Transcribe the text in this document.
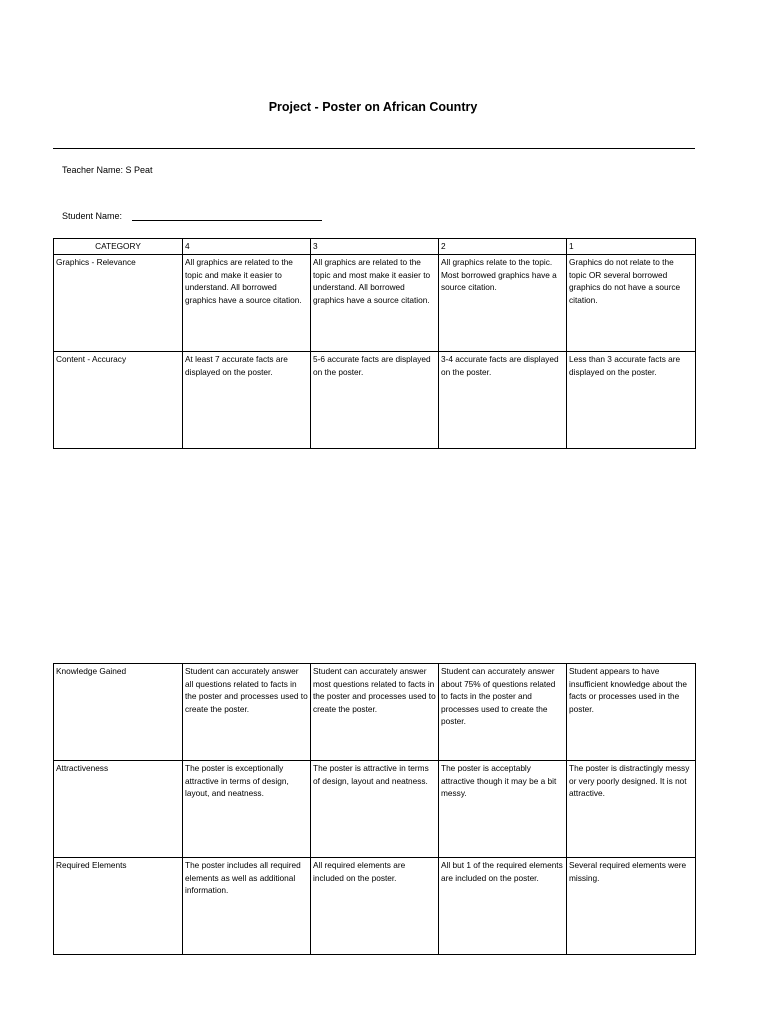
Project - Poster on African Country
Teacher Name: S Peat
Student Name:
CATEGORY	4	3	2	1
Graphics - Relevance	All graphics are related to the topic and make it easier to understand. All borrowed graphics have a source citation.	All graphics are related to the topic and most make it easier to understand. All borrowed graphics have a source citation.	All graphics relate to the topic. Most borrowed graphics have a source citation.	Graphics do not relate to the topic OR several borrowed graphics do not have a source citation.
Content - Accuracy	At least 7 accurate facts are displayed on the poster.	5-6 accurate facts are displayed on the poster.	3-4 accurate facts are displayed on the poster.	Less than 3 accurate facts are displayed on the poster.
Knowledge Gained	Student can accurately answer all questions related to facts in the poster and processes used to create the poster.	Student can accurately answer most questions related to facts in the poster and processes used to create the poster.	Student can accurately answer about 75% of questions related to facts in the poster and processes used to create the poster.	Student appears to have insufficient knowledge about the facts or processes used in the poster.
Attractiveness	The poster is exceptionally attractive in terms of design, layout, and neatness.	The poster is attractive in terms of design, layout and neatness.	The poster is acceptably attractive though it may be a bit messy.	The poster is distractingly messy or very poorly designed. It is not attractive.
Required Elements	The poster includes all required elements as well as additional information.	All required elements are included on the poster.	All but 1 of the required elements are included on the poster.	Several required elements were missing.
